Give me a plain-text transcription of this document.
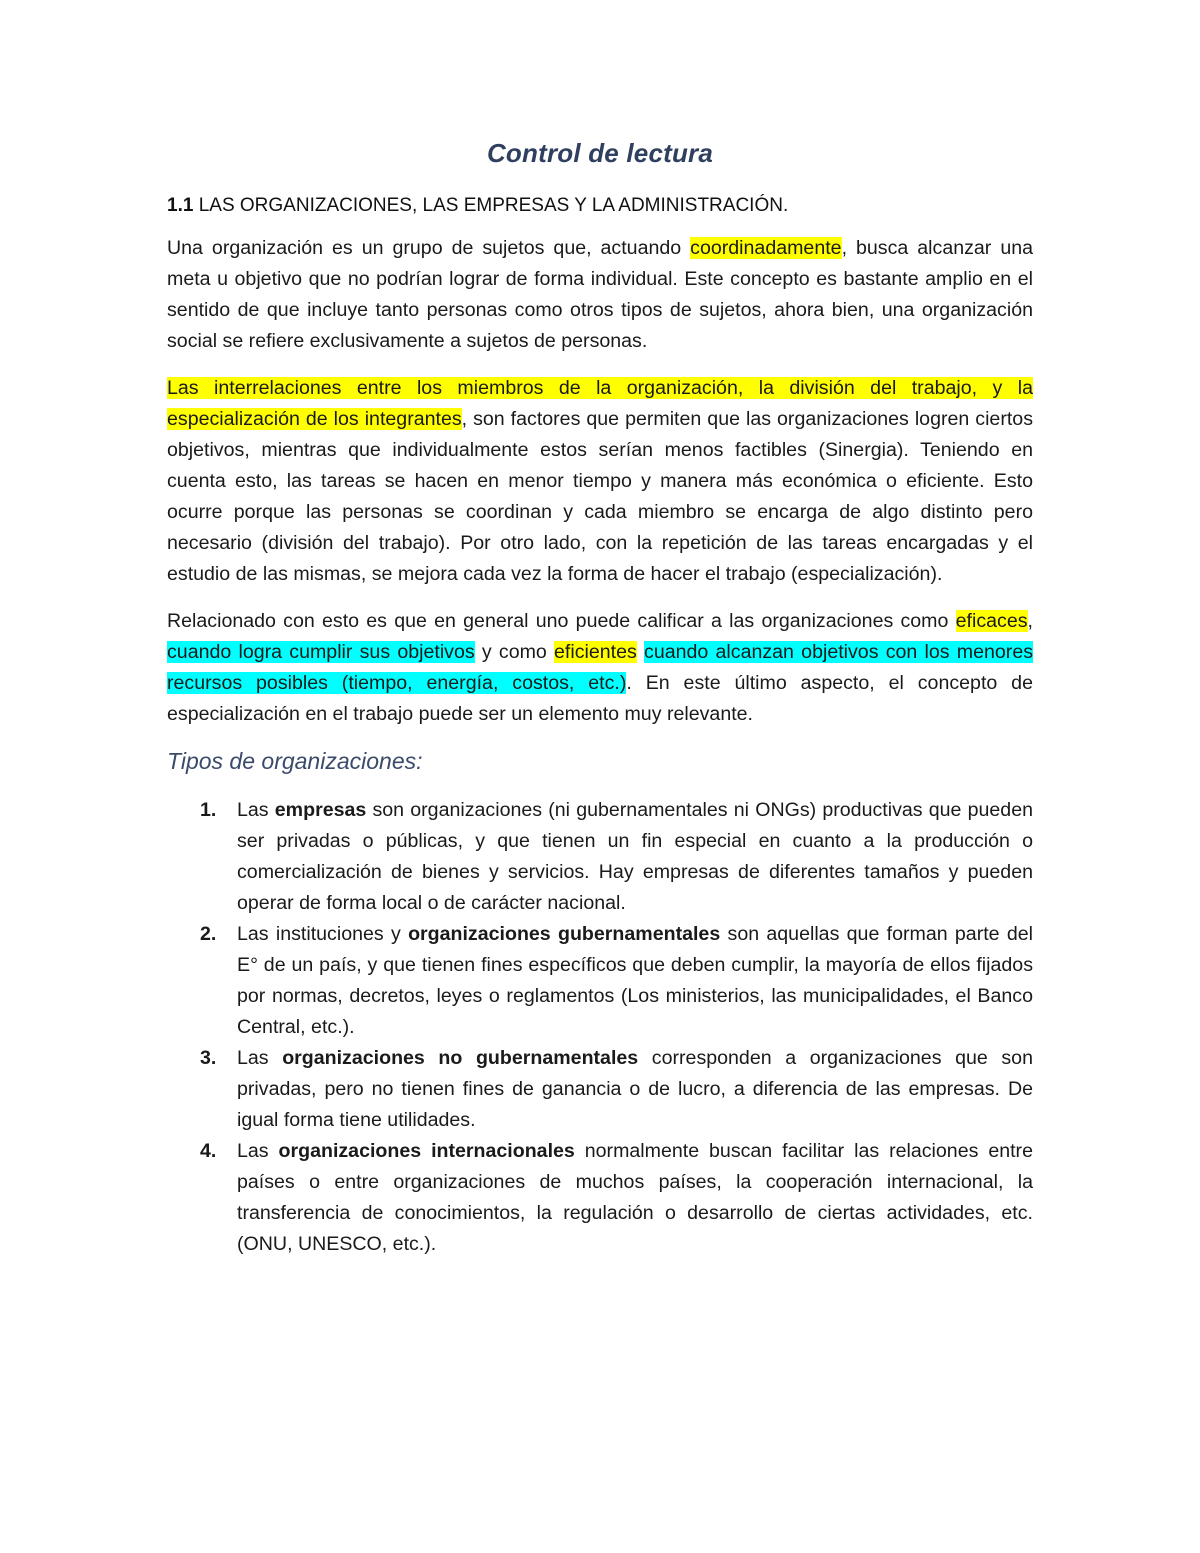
Control de lectura
1.1 LAS ORGANIZACIONES, LAS EMPRESAS Y LA ADMINISTRACIÓN.

Una organización es un grupo de sujetos que, actuando coordinadamente, busca alcanzar una meta u objetivo que no podrían lograr de forma individual. Este concepto es bastante amplio en el sentido de que incluye tanto personas como otros tipos de sujetos, ahora bien, una organización social se refiere exclusivamente a sujetos de personas.

Las interrelaciones entre los miembros de la organización, la división del trabajo, y la especialización de los integrantes, son factores que permiten que las organizaciones logren ciertos objetivos, mientras que individualmente estos serían menos factibles (Sinergia). Teniendo en cuenta esto, las tareas se hacen en menor tiempo y manera más económica o eficiente. Esto ocurre porque las personas se coordinan y cada miembro se encarga de algo distinto pero necesario (división del trabajo). Por otro lado, con la repetición de las tareas encargadas y el estudio de las mismas, se mejora cada vez la forma de hacer el trabajo (especialización).

Relacionado con esto es que en general uno puede calificar a las organizaciones como eficaces, cuando logra cumplir sus objetivos y como eficientes cuando alcanzan objetivos con los menores recursos posibles (tiempo, energía, costos, etc.). En este último aspecto, el concepto de especialización en el trabajo puede ser un elemento muy relevante.

Tipos de organizaciones:
1. Las empresas son organizaciones (ni gubernamentales ni ONGs) productivas que pueden ser privadas o públicas, y que tienen un fin especial en cuanto a la producción o comercialización de bienes y servicios. Hay empresas de diferentes tamaños y pueden operar de forma local o de carácter nacional.
2. Las instituciones y organizaciones gubernamentales son aquellas que forman parte del E° de un país, y que tienen fines específicos que deben cumplir, la mayoría de ellos fijados por normas, decretos, leyes o reglamentos (Los ministerios, las municipalidades, el Banco Central, etc.).
3. Las organizaciones no gubernamentales corresponden a organizaciones que son privadas, pero no tienen fines de ganancia o de lucro, a diferencia de las empresas. De igual forma tiene utilidades.
4. Las organizaciones internacionales normalmente buscan facilitar las relaciones entre países o entre organizaciones de muchos países, la cooperación internacional, la transferencia de conocimientos, la regulación o desarrollo de ciertas actividades, etc. (ONU, UNESCO, etc.).
